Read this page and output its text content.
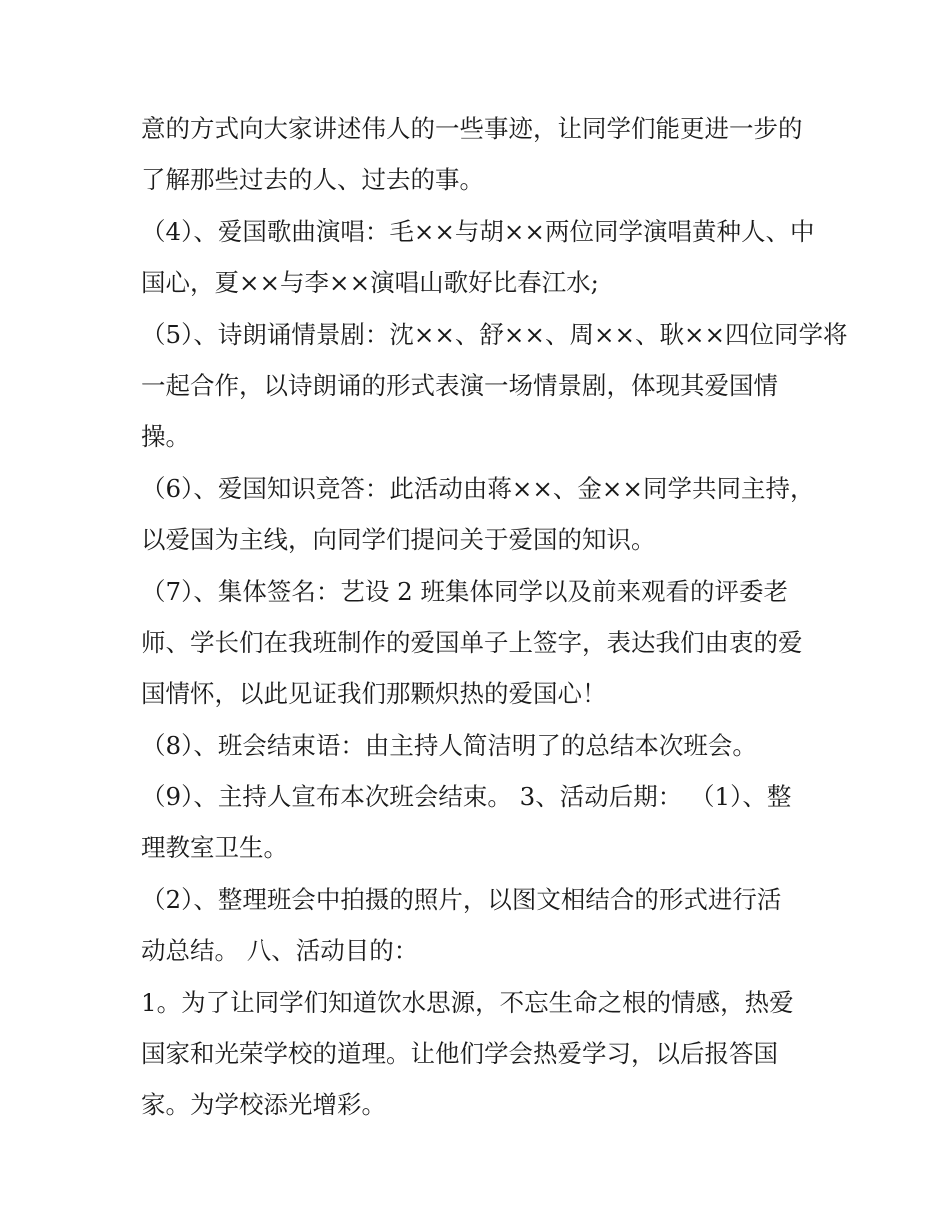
意的方式向大家讲述伟人的一些事迹，让同学们能更进一步的
了解那些过去的人、过去的事。
（4）、爱国歌曲演唱：毛××与胡××两位同学演唱黄种人、中
国心，夏××与李××演唱山歌好比春江水;
（5）、诗朗诵情景剧：沈××、舒××、周××、耿××四位同学将
一起合作，以诗朗诵的形式表演一场情景剧，体现其爱国情
操。
（6）、爱国知识竞答：此活动由蒋××、金××同学共同主持，
以爱国为主线，向同学们提问关于爱国的知识。
（7）、集体签名：艺设 2 班集体同学以及前来观看的评委老
师、学长们在我班制作的爱国单子上签字，表达我们由衷的爱
国情怀，以此见证我们那颗炽热的爱国心！
（8）、班会结束语：由主持人简洁明了的总结本次班会。
（9）、主持人宣布本次班会结束。 3、活动后期： （1）、整
理教室卫生。
（2）、整理班会中拍摄的照片，以图文相结合的形式进行活
动总结。 八、活动目的：
1。为了让同学们知道饮水思源，不忘生命之根的情感，热爱
国家和光荣学校的道理。让他们学会热爱学习，以后报答国
家。为学校添光增彩。
